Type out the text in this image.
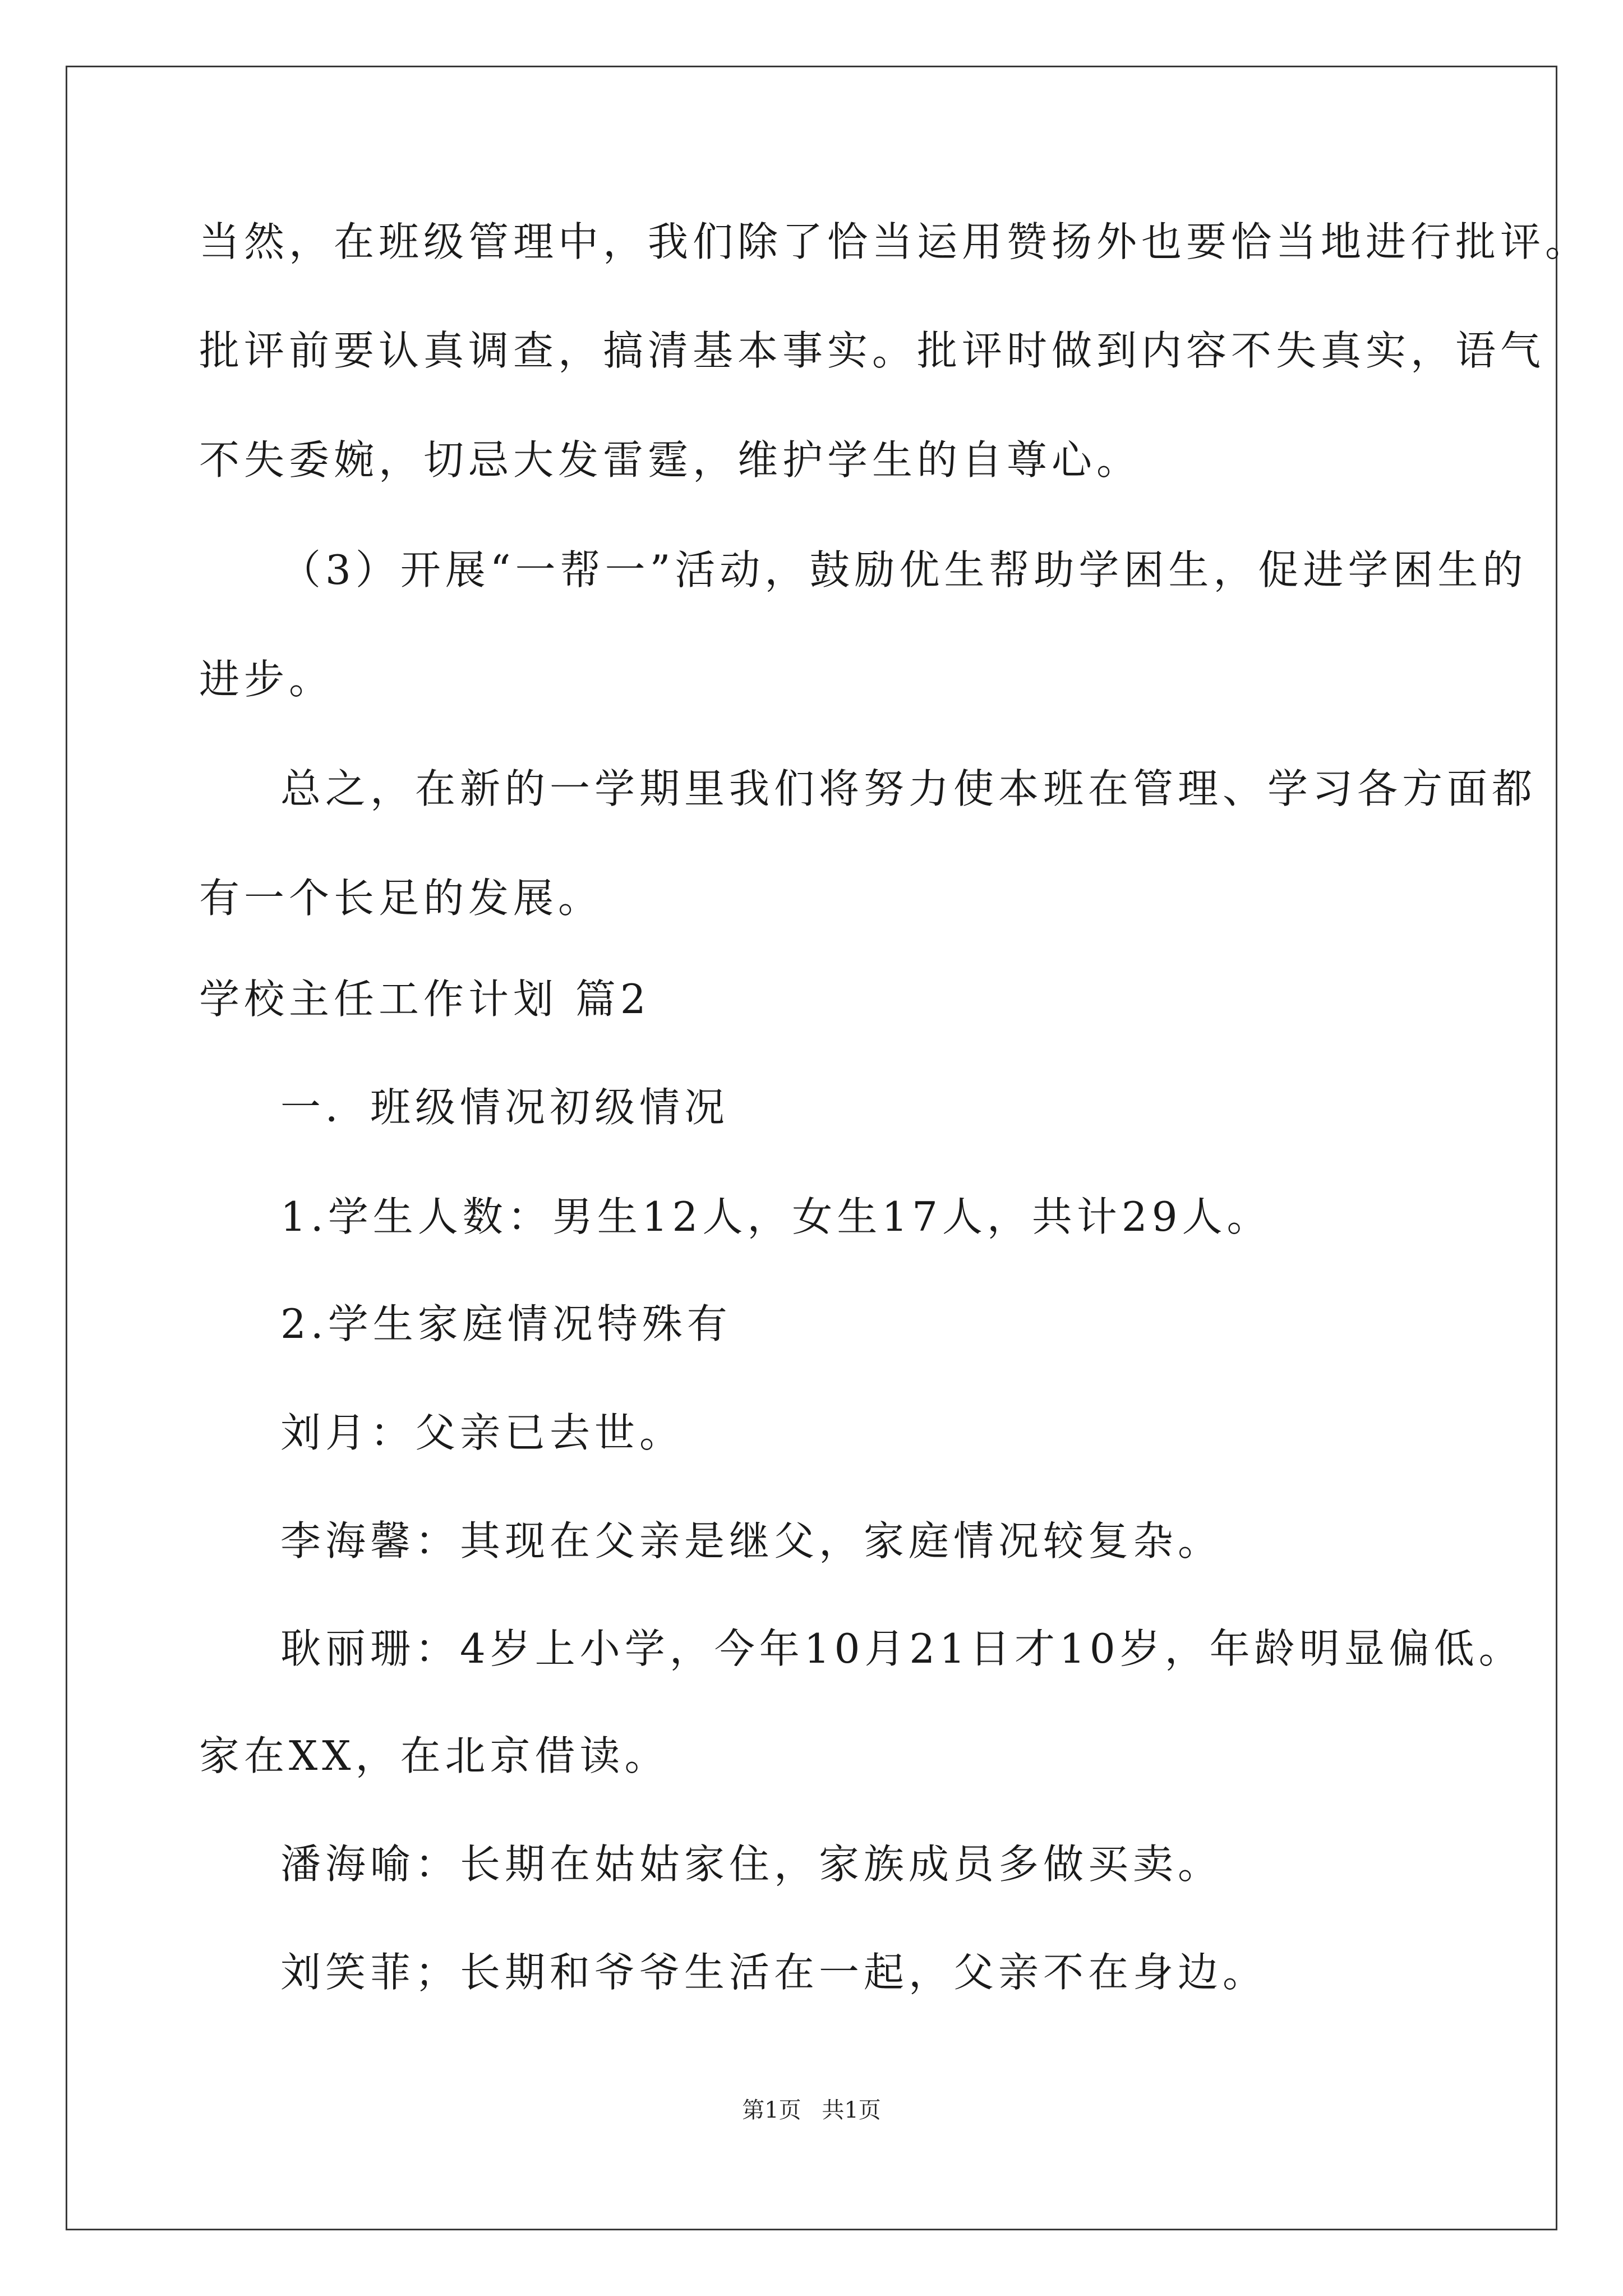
当然，在班级管理中，我们除了恰当运用赞扬外也要恰当地进行批评。

批评前要认真调查，搞清基本事实。批评时做到内容不失真实，语气

不失委婉，切忌大发雷霆，维护学生的自尊心。

（3）开展“一帮一”活动，鼓励优生帮助学困生，促进学困生的

进步。

总之，在新的一学期里我们将努力使本班在管理、学习各方面都

有一个长足的发展。

学校主任工作计划 篇2

一．班级情况初级情况

1.学生人数：男生12人，女生17人，共计29人。

2.学生家庭情况特殊有

刘月：父亲已去世。

李海馨：其现在父亲是继父，家庭情况较复杂。

耿丽珊：4岁上小学，今年10月21日才10岁，年龄明显偏低。

家在XX，在北京借读。

潘海喻：长期在姑姑家住，家族成员多做买卖。

刘笑菲；长期和爷爷生活在一起，父亲不在身边。

第1页 共1页
